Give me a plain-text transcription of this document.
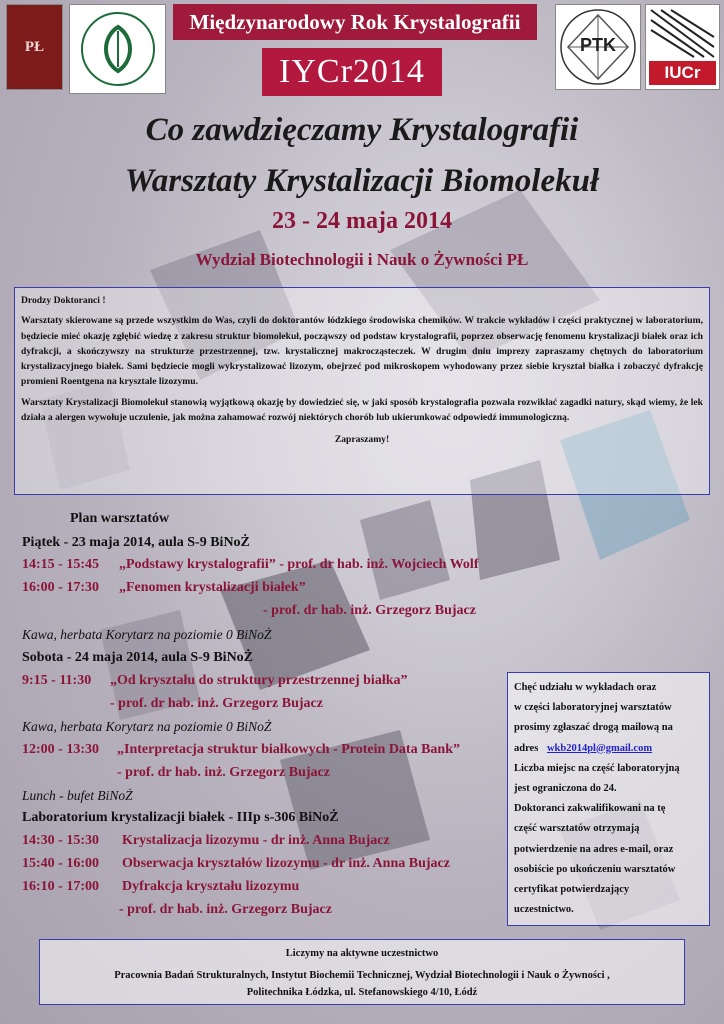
PŁ
Międzynarodowy Rok Krystalografii
IYCr2014
PTK
IUCr
Co zawdzięczamy Krystalografii
Warsztaty Krystalizacji Biomolekuł
23 - 24 maja 2014
Wydział Biotechnologii i Nauk o Żywności PŁ

Drodzy Doktoranci !

Warsztaty skierowane są przede wszystkim do Was, czyli do doktorantów łódzkiego środowiska chemików. W trakcie wykładów i części praktycznej w laboratorium, będziecie mieć okazję zgłębić wiedzę z zakresu struktur biomolekuł, począwszy od podstaw krystalografii, poprzez obserwację fenomenu krystalizacji białek oraz ich dyfrakcji, a skończywszy na strukturze przestrzennej, tzw. krystalicznej makrocząsteczek. W drugim dniu imprezy zapraszamy chętnych do laboratorium krystalizacyjnego białek. Sami będziecie mogli wykrystalizować lizozym, obejrzeć pod mikroskopem wyhodowany przez siebie kryształ białka i zobaczyć dyfrakcję promieni Roentgena na krysztale lizozymu.

Warsztaty Krystalizacji Biomolekuł stanowią wyjątkową okazję by dowiedzieć się, w jaki sposób krystalografia pozwala rozwikłać zagadki natury, skąd wiemy, że lek działa a alergen wywołuje uczulenie, jak można zahamować rozwój niektórych chorób lub ukierunkować odpowiedź immunologiczną.

Zapraszamy!

Plan warsztatów
Piątek - 23 maja 2014, aula S-9 BiNoŻ
14:15 - 15:45 „Podstawy krystalografii” - prof. dr hab. inż. Wojciech Wolf
16:00 - 17:30 „Fenomen krystalizacji białek”
- prof. dr hab. inż. Grzegorz Bujacz
Kawa, herbata Korytarz na poziomie 0 BiNoŻ
Sobota - 24 maja 2014, aula S-9 BiNoŻ
9:15 - 11:30 „Od kryształu do struktury przestrzennej białka”
- prof. dr hab. inż. Grzegorz Bujacz
Kawa, herbata Korytarz na poziomie 0 BiNoŻ
12:00 - 13:30 „Interpretacja struktur białkowych - Protein Data Bank”
- prof. dr hab. inż. Grzegorz Bujacz
Lunch - bufet BiNoŻ
Laboratorium krystalizacji białek - IIIp s-306 BiNoŻ
14:30 - 15:30 Krystalizacja lizozymu - dr inż. Anna Bujacz
15:40 - 16:00 Obserwacja kryształów lizozymu - dr inż. Anna Bujacz
16:10 - 17:00 Dyfrakcja kryształu lizozymu
- prof. dr hab. inż. Grzegorz Bujacz
Chęć udziału w wykładach oraz
w części laboratoryjnej warsztatów
prosimy zgłaszać drogą mailową na
adres wkb2014pl@gmail.com
Liczba miejsc na część laboratoryjną
jest ograniczona do 24.
Doktoranci zakwalifikowani na tę
część warsztatów otrzymają
potwierdzenie na adres e-mail, oraz
osobiście po ukończeniu warsztatów
certyfikat potwierdzający
uczestnictwo.
Liczymy na aktywne uczestnictwo
Pracownia Badań Strukturalnych, Instytut Biochemii Technicznej, Wydział Biotechnologii i Nauk o Żywności ,
Politechnika Łódzka, ul. Stefanowskiego 4/10, Łódź
